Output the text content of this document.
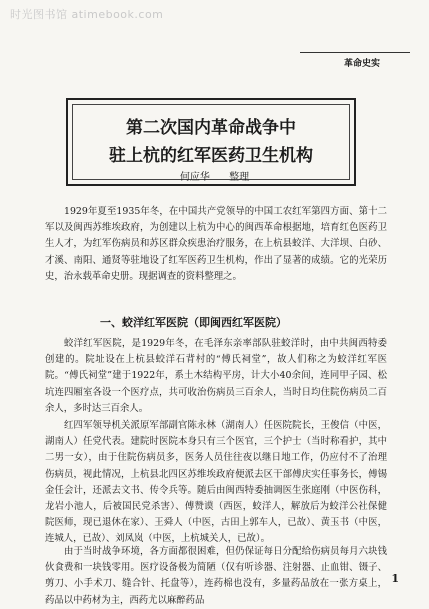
时光图书馆 atimebook.com
革命史实
第二次国内革命战争中
驻上杭的红军医药卫生机构
何应华 整理

1929年夏至1935年冬，在中国共产党领导的中国工农红军第四方面、第十二军以及闽西苏维埃政府，为创建以上杭为中心的闽西革命根据地，培育红色医药卫生人才，为红军伤病员和苏区群众疾患治疗服务，在上杭县蛟洋、大洋坝、白砂、才溪、南阳、通贤等驻地设了红军医药卫生机构，作出了显著的成绩。它的光荣历史，治永载革命史册。现据调查的资料整理之。

一、蛟洋红军医院（即闽西红军医院）

蛟洋红军医院，是1929年冬，在毛泽东亲率部队驻蛟洋时，由中共闽西特委创建的。院址设在上杭县蛟洋石背村的“傅氏祠堂”，故人们称之为蛟洋红军医院。“傅氏祠堂”建于1922年，系土木结构平房，计大小40余间，连同甲子园、松坑连四厢室各设一个医疗点，共可收治伤病员三百余人，当时日均住院伤病员二百余人，多时达三百余人。

红四军领导机关派原军部副官陈永林（湖南人）任医院院长，王俊信（中医，湖南人）任党代表。建院时医院本身只有三个医官，三个护士（当时称看护，其中二男一女），由于住院伤病员多，医务人员住往夜以继日地工作，仍应付不了治理伤病员，视此情况，上杭县北四区苏维埃政府便派去区干部傅庆实任事务长，傅锡金任会计，还派去文书、传令兵等。随后由闽西特委抽调医生张庭刚（中医伤科，龙岩小池人，后被国民党杀害）、傅赞谟（西医，蛟洋人，解放后为蛟洋公社保健院医师，现已退休在家）、王舜人（中医，古田上郭车人，已故）、黄玉书（中医，连城人，已故）、刘凤岚（中医，上杭城关人，已故）。

由于当时战争环境，各方面都很困难，但仍保证每日分配给伤病员每月六块钱伙食费和一块钱零用。医疗设备极为简陋（仅有听诊器、注射器、止血钳、镊子、剪刀、小手术刀、缝合针、托盘等），连药棉也没有，多量药品放在一张方桌上，药品以中药材为主，西药尤以麻醉药品

1
